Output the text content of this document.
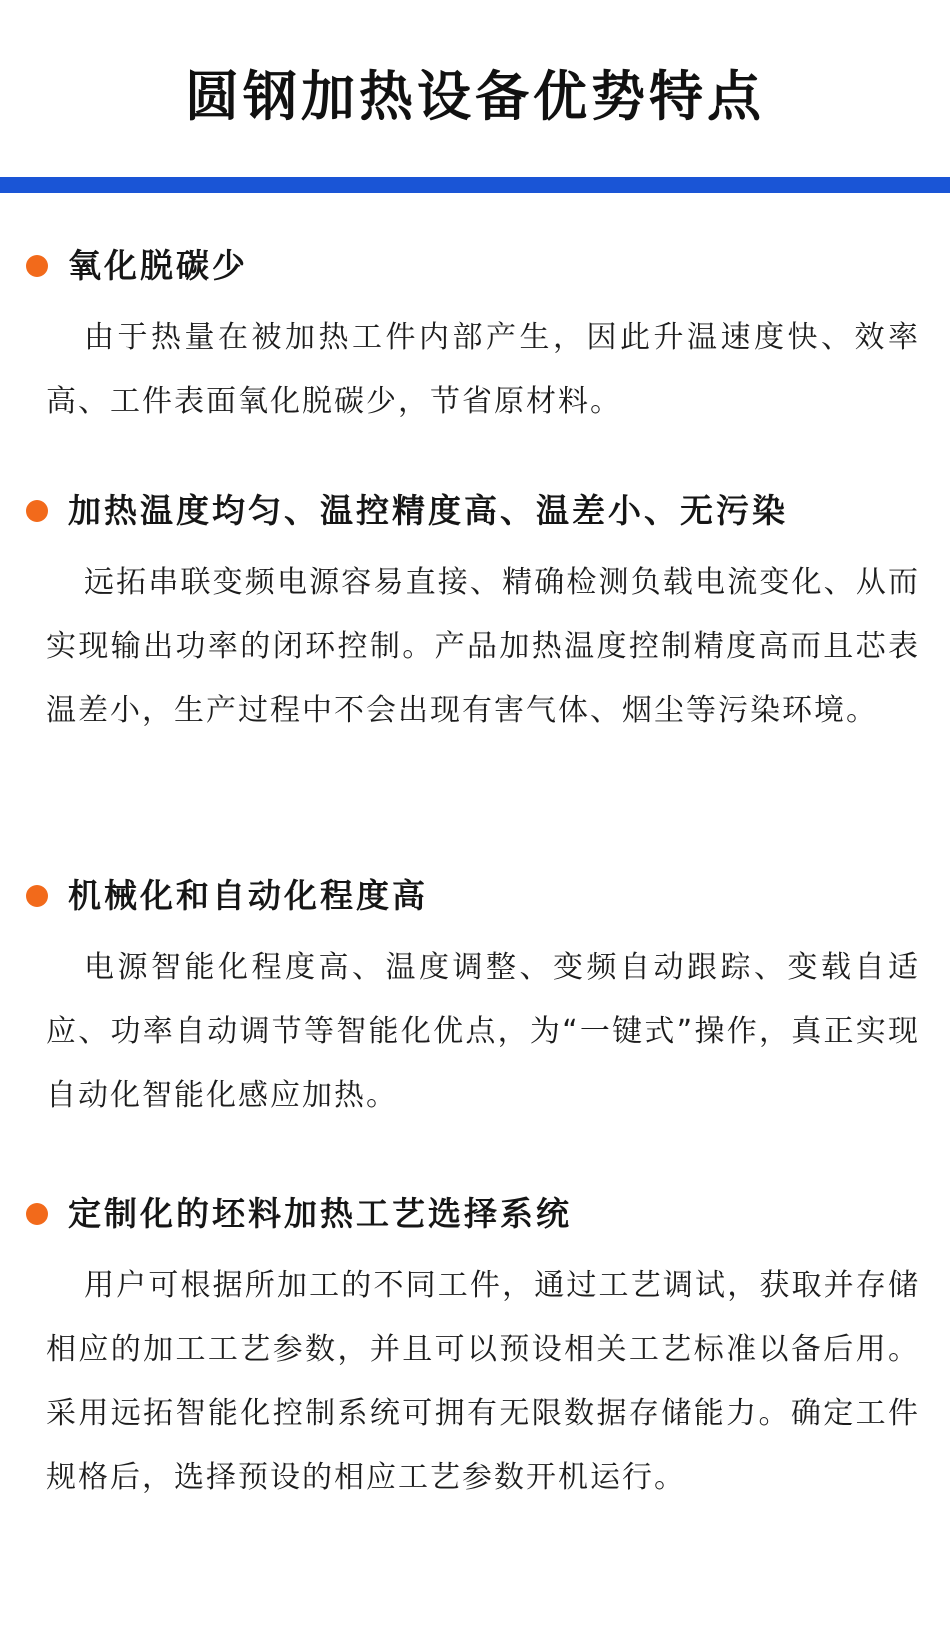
圆钢加热设备优势特点
氧化脱碳少

由于热量在被加热工件内部产生，因此升温速度快、效率高、工件表面氧化脱碳少，节省原材料。

加热温度均匀、温控精度高、温差小、无污染

远拓串联变频电源容易直接、精确检测负载电流变化、从而实现输出功率的闭环控制。产品加热温度控制精度高而且芯表温差小，生产过程中不会出现有害气体、烟尘等污染环境。

机械化和自动化程度高

电源智能化程度高、温度调整、变频自动跟踪、变载自适应、功率自动调节等智能化优点，为“一键式”操作，真正实现自动化智能化感应加热。

定制化的坯料加热工艺选择系统

用户可根据所加工的不同工件，通过工艺调试，获取并存储相应的加工工艺参数，并且可以预设相关工艺标准以备后用。采用远拓智能化控制系统可拥有无限数据存储能力。确定工件规格后，选择预设的相应工艺参数开机运行。
